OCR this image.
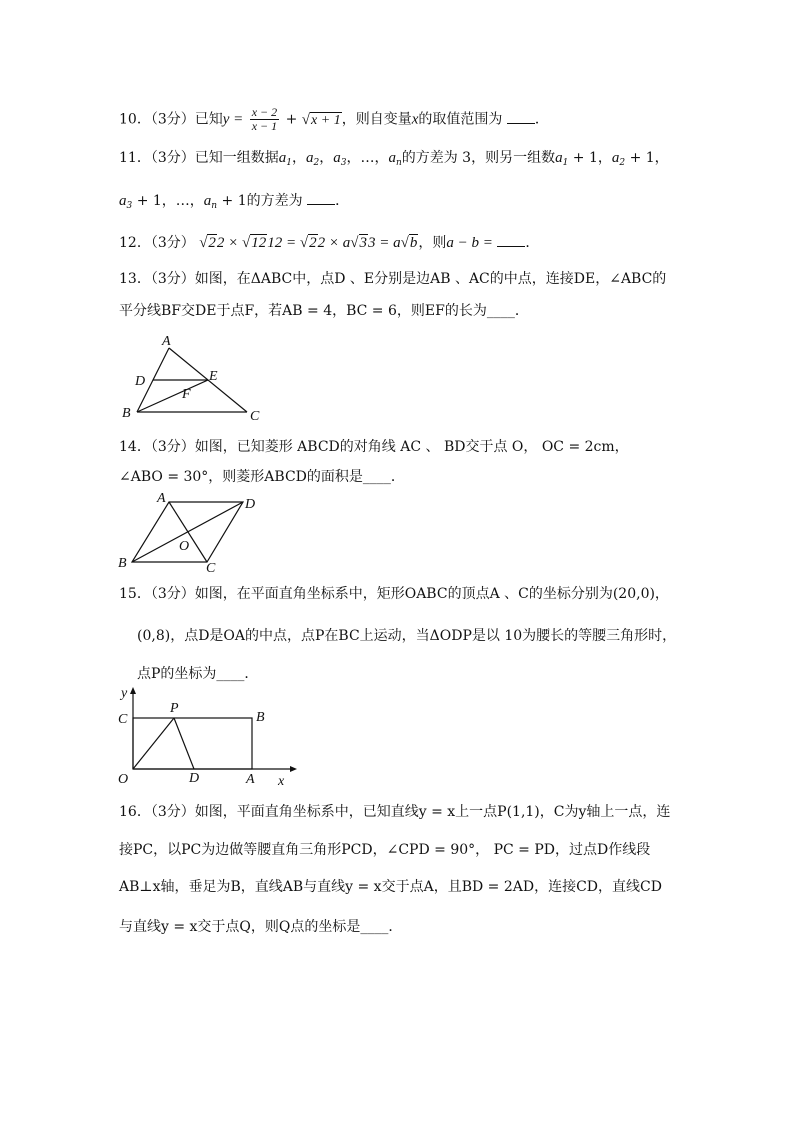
10．（3分）已知$y = \frac{x - 2}{x - 1} + √x + 1$，则自变量x的取值范围为 ．
11．（3分）已知一组数据$a_1$，$a_2$，$a_3$，…，$a_n$的方差为 3，则另一组数$a_1 + 1$，$a_2 + 1$，
$a_3 + 1$，…，$a_n + 1$的方差为 ．
12．（3分） √22 × √1212 = √22 × a√33 = a√b，则a − b = ．
13．（3分）如图，在ΔABC中，点D 、E分别是边AB 、AC的中点，连接DE，∠ABC的
平分线BF交DE于点F，若AB = 4，BC = 6，则EF的长为____．
A
D	E
F
B	C
14．（3分）如图，已知菱形 ABCD的对角线 AC 、 BD交于点 O， OC = 2cm，
∠ABO = 30°，则菱形ABCD的面积是____．
A	D
O
B	C
15．（3分）如图，在平面直角坐标系中，矩形OABC的顶点A 、C的坐标分别为(20,0)，
(0,8)，点D是OA的中点，点P在BC上运动，当ΔODP是以 10为腰长的等腰三角形时，
点P的坐标为____．
y
P
C	B
O	D	A x
16．（3分）如图，平面直角坐标系中，已知直线y = x上一点P(1,1)，C为y轴上一点，连
接PC，以PC为边做等腰直角三角形PCD，∠CPD = 90°， PC = PD，过点D作线段
AB⊥x轴，垂足为B，直线AB与直线y = x交于点A，且BD = 2AD，连接CD，直线CD
与直线y = x交于点Q，则Q点的坐标是____．
